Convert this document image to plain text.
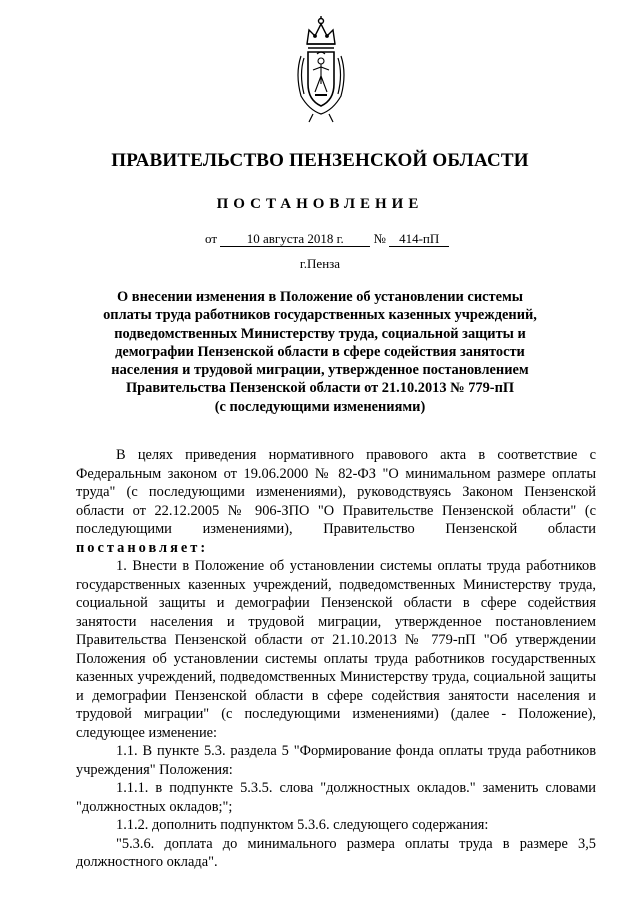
ПРАВИТЕЛЬСТВО ПЕНЗЕНСКОЙ ОБЛАСТИ
ПОСТАНОВЛЕНИЕ
от 10 августа 2018 г. № 414-пП
г.Пенза
О внесении изменения в Положение об установлении системы
оплаты труда работников государственных казенных учреждений,
подведомственных Министерству труда, социальной защиты и
демографии Пензенской области в сфере содействия занятости
населения и трудовой миграции, утвержденное постановлением
Правительства Пензенской области от 21.10.2013 № 779-пП
(с последующими изменениями)

В целях приведения нормативного правового акта в соответствие с Федеральным законом от 19.06.2000 № 82-ФЗ "О минимальном размере оплаты труда" (с последующими изменениями), руководствуясь Законом Пензенской области от 22.12.2005 № 906-ЗПО "О Правительстве Пензенской области" (с последующими изменениями), Правительство Пензенской области постановляет:

1. Внести в Положение об установлении системы оплаты труда работников государственных казенных учреждений, подведомственных Министерству труда, социальной защиты и демографии Пензенской области в сфере содействия занятости населения и трудовой миграции, утвержденное постановлением Правительства Пензенской области от 21.10.2013 № 779-пП "Об утверждении Положения об установлении системы оплаты труда работников государственных казенных учреждений, подведомственных Министерству труда, социальной защиты и демографии Пензенской области в сфере содействия занятости населения и трудовой миграции" (с последующими изменениями) (далее - Положение), следующее изменение:

1.1. В пункте 5.3. раздела 5 "Формирование фонда оплаты труда работников учреждения" Положения:

1.1.1. в подпункте 5.3.5. слова "должностных окладов." заменить словами "должностных окладов;";

1.1.2. дополнить подпунктом 5.3.6. следующего содержания:

"5.3.6. доплата до минимального размера оплаты труда в размере 3,5 должностного оклада".
